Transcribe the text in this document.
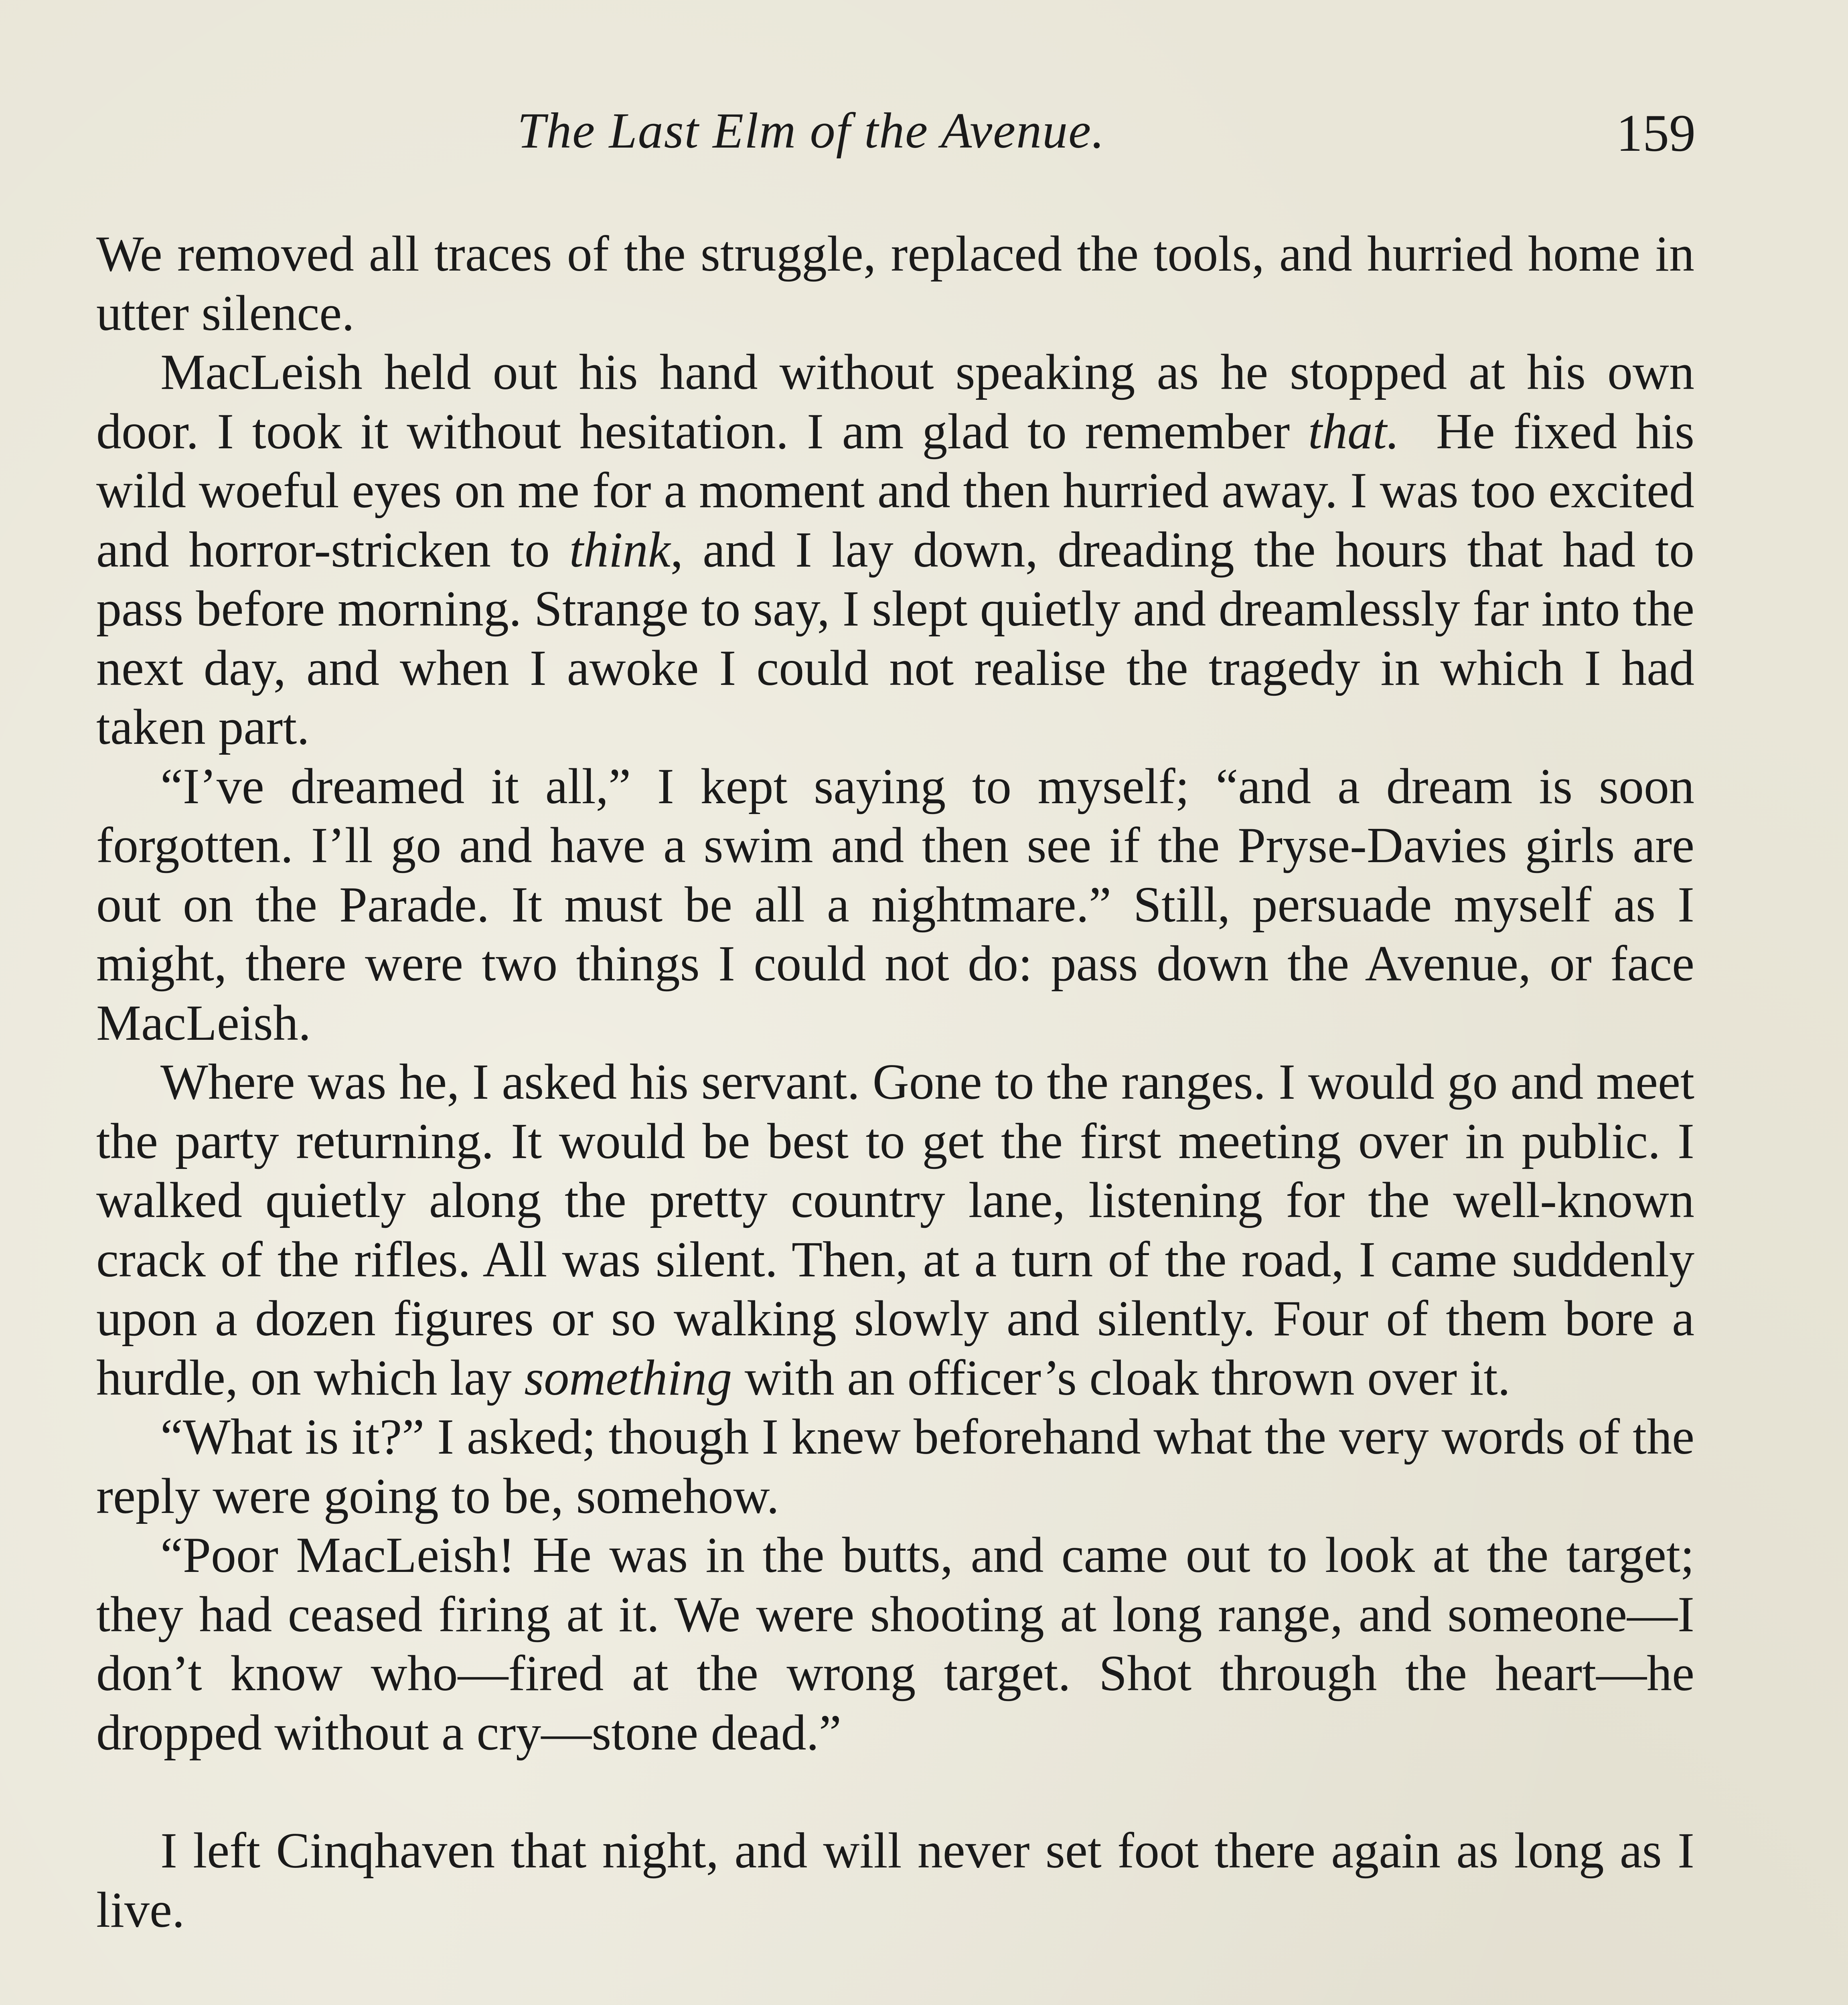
The Last Elm of the Avenue.	159

We removed all traces of the struggle, replaced the tools, and hurried home in utter silence.

MacLeish held out his hand without speaking as he stopped at his own door. I took it without hesitation. I am glad to remember that. He fixed his wild woeful eyes on me for a moment and then hurried away. I was too excited and horror-stricken to think, and I lay down, dreading the hours that had to pass before morning. Strange to say, I slept quietly and dreamlessly far into the next day, and when I awoke I could not realise the tragedy in which I had taken part.

“I’ve dreamed it all,” I kept saying to myself; “and a dream is soon forgotten. I’ll go and have a swim and then see if the Pryse-Davies girls are out on the Parade. It must be all a nightmare.” Still, persuade myself as I might, there were two things I could not do: pass down the Avenue, or face MacLeish.

Where was he, I asked his servant. Gone to the ranges. I would go and meet the party returning. It would be best to get the first meeting over in public. I walked quietly along the pretty country lane, listening for the well-known crack of the rifles. All was silent. Then, at a turn of the road, I came suddenly upon a dozen figures or so walking slowly and silently. Four of them bore a hurdle, on which lay something with an officer’s cloak thrown over it.

“What is it?” I asked; though I knew beforehand what the very words of the reply were going to be, somehow.

“Poor MacLeish! He was in the butts, and came out to look at the target; they had ceased firing at it. We were shooting at long range, and someone—I don’t know who—fired at the wrong target. Shot through the heart—he dropped without a cry—stone dead.”

I left Cinqhaven that night, and will never set foot there again as long as I live.
